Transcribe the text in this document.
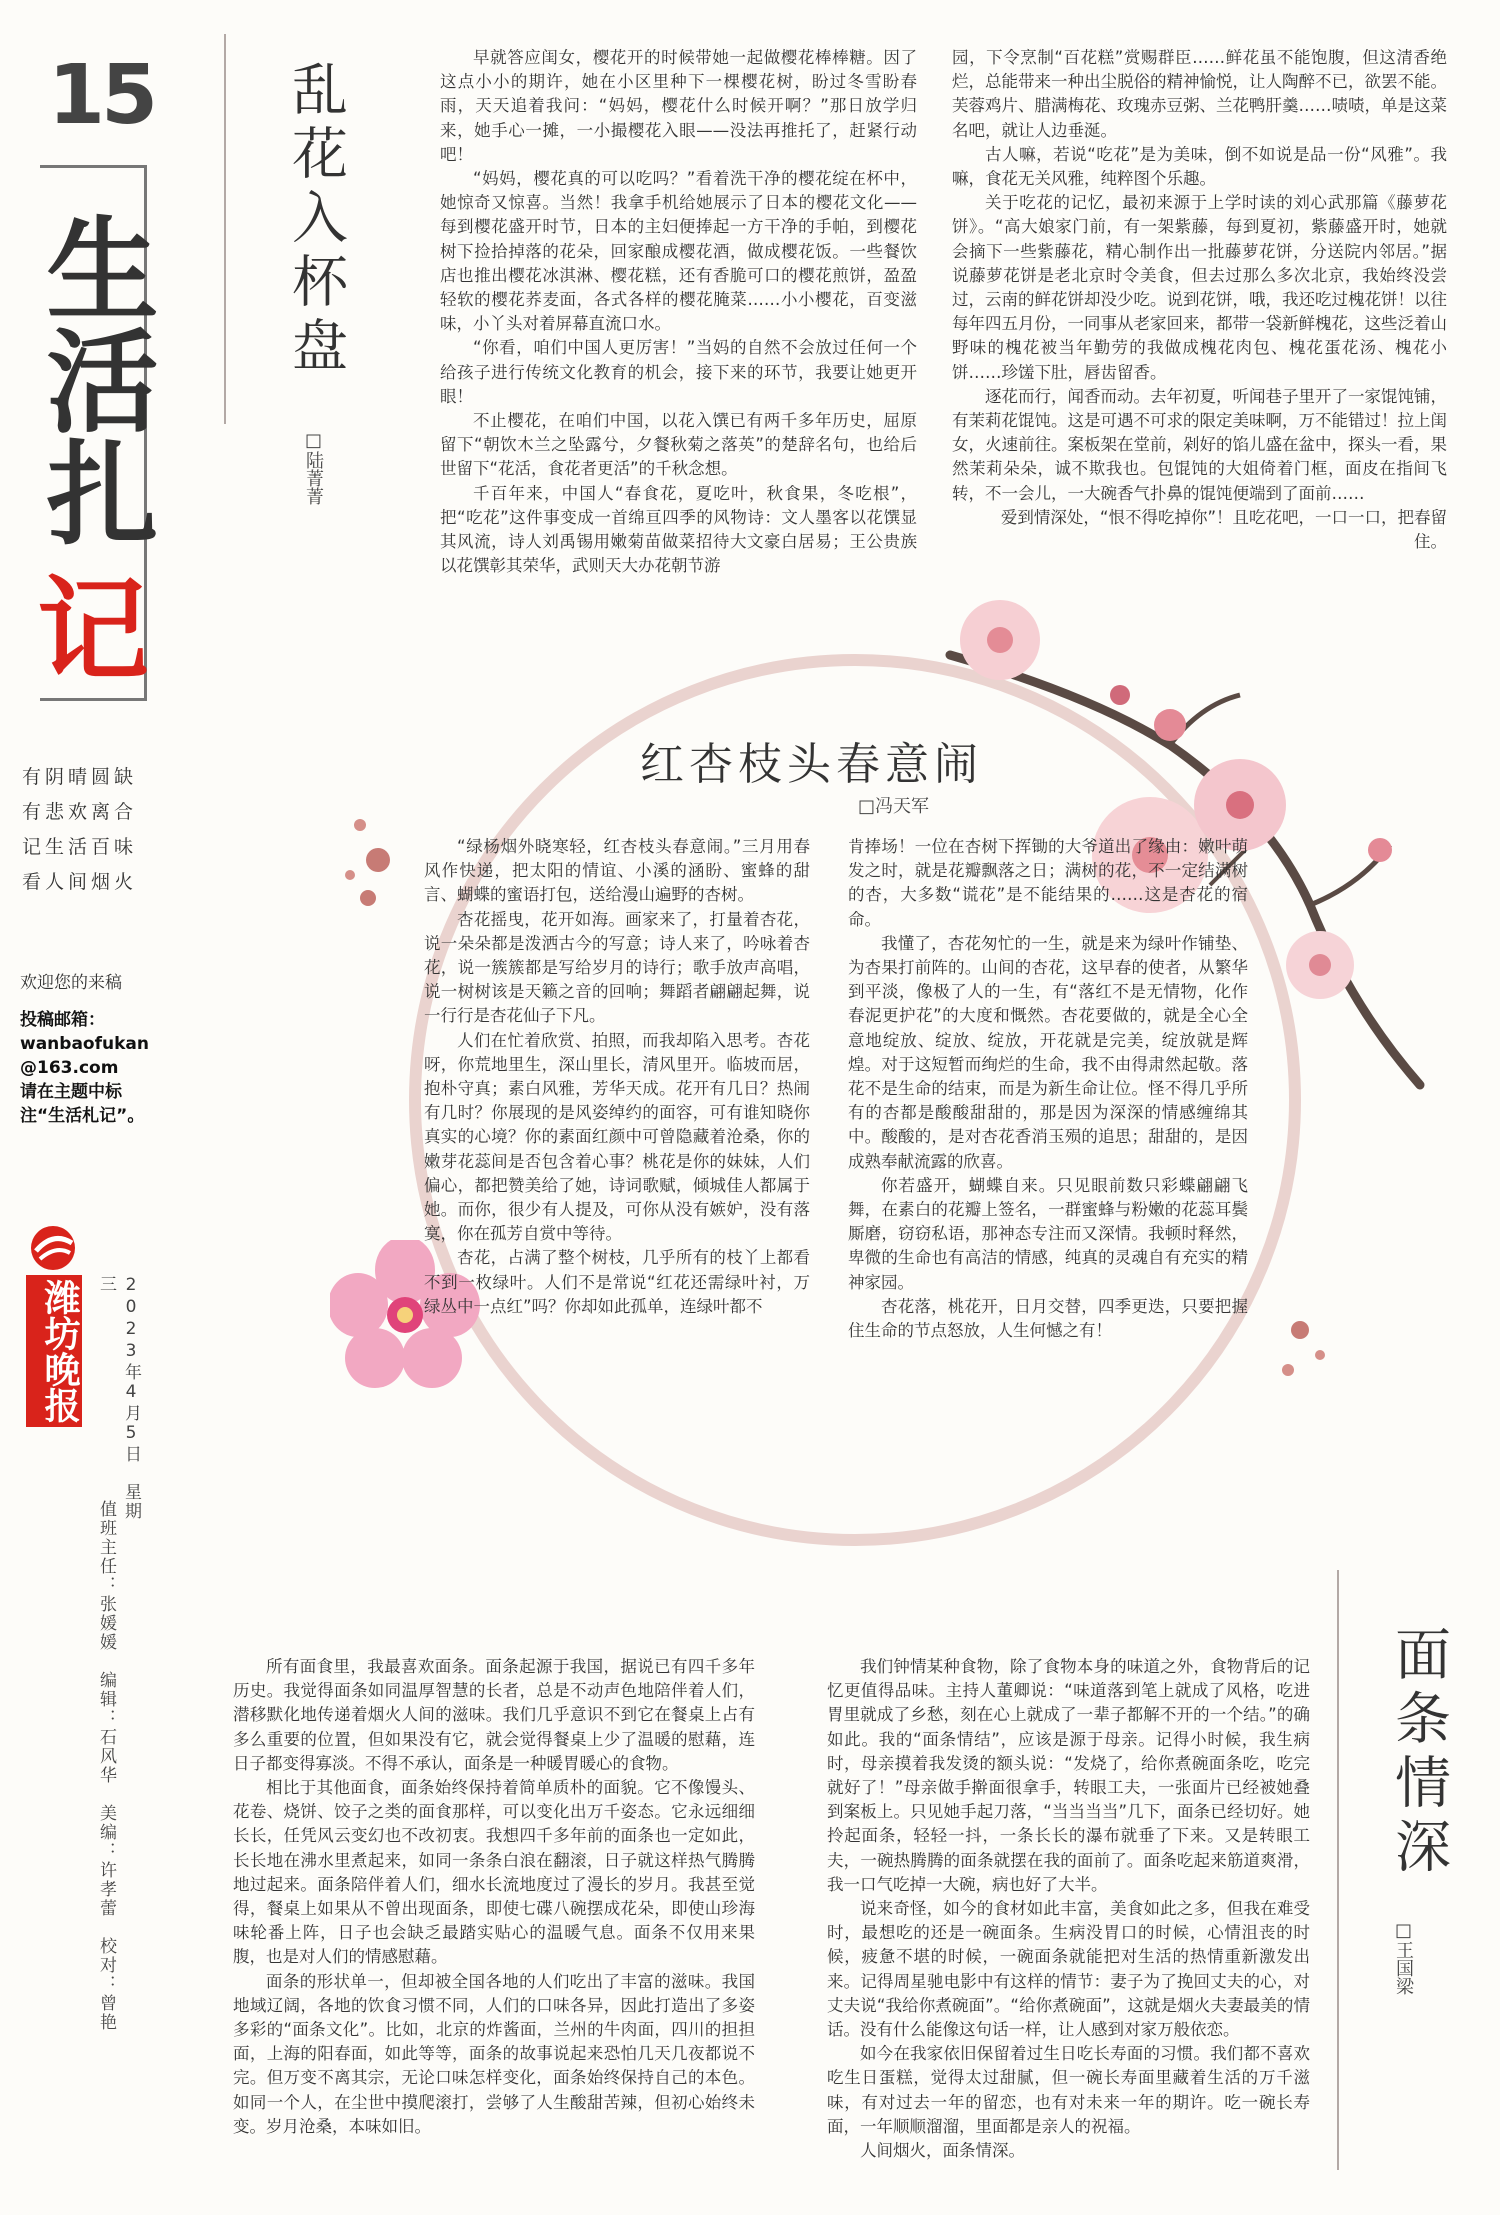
15
生活扎
记
有阴晴圆缺
有悲欢离合
记生活百味
看人间烟火
欢迎您的来稿
投稿邮箱：
wanbaofukan@163.com
请在主题中标注“生活札记”。
潍坊晚报	2023年4月5日　星期三
值班主任：张媛媛　编辑：石风华　美编：许孝蕾　校对：曾艳
乱花入杯盘
□陆菁菁

早就答应闺女，樱花开的时候带她一起做樱花棒棒糖。因了这点小小的期许，她在小区里种下一棵樱花树，盼过冬雪盼春雨，天天追着我问：“妈妈，樱花什么时候开啊？”那日放学归来，她手心一摊，一小撮樱花入眼——没法再推托了，赶紧行动吧！

“妈妈，樱花真的可以吃吗？”看着洗干净的樱花绽在杯中，她惊奇又惊喜。当然！我拿手机给她展示了日本的樱花文化——每到樱花盛开时节，日本的主妇便捧起一方干净的手帕，到樱花树下捡拾掉落的花朵，回家酿成樱花酒，做成樱花饭。一些餐饮店也推出樱花冰淇淋、樱花糕，还有香脆可口的樱花煎饼，盈盈轻软的樱花荞麦面，各式各样的樱花腌菜……小小樱花，百变滋味，小丫头对着屏幕直流口水。

“你看，咱们中国人更厉害！”当妈的自然不会放过任何一个给孩子进行传统文化教育的机会，接下来的环节，我要让她更开眼！

不止樱花，在咱们中国，以花入馔已有两千多年历史，屈原留下“朝饮木兰之坠露兮，夕餐秋菊之落英”的楚辞名句，也给后世留下“花活，食花者更活”的千秋念想。

千百年来，中国人“春食花，夏吃叶，秋食果，冬吃根”，把“吃花”这件事变成一首绵亘四季的风物诗：文人墨客以花馔显其风流，诗人刘禹锡用嫩菊苗做菜招待大文豪白居易；王公贵族以花馔彰其荣华，武则天大办花朝节游

园，下令烹制“百花糕”赏赐群臣……鲜花虽不能饱腹，但这清香绝烂，总能带来一种出尘脱俗的精神愉悦，让人陶醉不已，欲罢不能。芙蓉鸡片、腊满梅花、玫瑰赤豆粥、兰花鸭肝羹……啧啧，单是这菜名吧，就让人边垂涎。

古人嘛，若说“吃花”是为美味，倒不如说是品一份“风雅”。我嘛，食花无关风雅，纯粹图个乐趣。

关于吃花的记忆，最初来源于上学时读的刘心武那篇《藤萝花饼》。“高大娘家门前，有一架紫藤，每到夏初，紫藤盛开时，她就会摘下一些紫藤花，精心制作出一批藤萝花饼，分送院内邻居。”据说藤萝花饼是老北京时令美食，但去过那么多次北京，我始终没尝过，云南的鲜花饼却没少吃。说到花饼，哦，我还吃过槐花饼！以往每年四五月份，一同事从老家回来，都带一袋新鲜槐花，这些泛着山野味的槐花被当年勤劳的我做成槐花肉包、槐花蛋花汤、槐花小饼……珍馐下肚，唇齿留香。

逐花而行，闻香而动。去年初夏，听闻巷子里开了一家馄饨铺，有茉莉花馄饨。这是可遇不可求的限定美味啊，万不能错过！拉上闺女，火速前往。案板架在堂前，剁好的馅儿盛在盆中，探头一看，果然茉莉朵朵，诚不欺我也。包馄饨的大姐倚着门框，面皮在指间飞转，不一会儿，一大碗香气扑鼻的馄饨便端到了面前……

爱到情深处，“恨不得吃掉你”！且吃花吧，一口一口，把春留住。

红杏枝头春意闹
□冯天军

“绿杨烟外晓寒轻，红杏枝头春意闹。”三月用春风作快递，把太阳的情谊、小溪的涵盼、蜜蜂的甜言、蝴蝶的蜜语打包，送给漫山遍野的杏树。

杏花摇曳，花开如海。画家来了，打量着杏花，说一朵朵都是泼洒古今的写意；诗人来了，吟咏着杏花，说一簇簇都是写给岁月的诗行；歌手放声高唱，说一树树该是天籁之音的回响；舞蹈者翩翩起舞，说一行行是杏花仙子下凡。

人们在忙着欣赏、拍照，而我却陷入思考。杏花呀，你荒地里生，深山里长，清风里开。临坡而居，抱朴守真；素白风雅，芳华天成。花开有几日？热闹有几时？你展现的是风姿绰约的面容，可有谁知晓你真实的心境？你的素面红颜中可曾隐藏着沧桑，你的嫩芽花蕊间是否包含着心事？桃花是你的妹妹，人们偏心，都把赞美给了她，诗词歌赋，倾城佳人都属于她。而你，很少有人提及，可你从没有嫉妒，没有落寞，你在孤芳自赏中等待。

杏花，占满了整个树枝，几乎所有的枝丫上都看不到一枚绿叶。人们不是常说“红花还需绿叶衬，万绿丛中一点红”吗？你却如此孤单，连绿叶都不

肯捧场！一位在杏树下挥锄的大爷道出了缘由：嫩叶萌发之时，就是花瓣飘落之日；满树的花，不一定结满树的杏，大多数“谎花”是不能结果的……这是杏花的宿命。

我懂了，杏花匆忙的一生，就是来为绿叶作铺垫、为杏果打前阵的。山间的杏花，这早春的使者，从繁华到平淡，像极了人的一生，有“落红不是无情物，化作春泥更护花”的大度和慨然。杏花要做的，就是全心全意地绽放、绽放、绽放，开花就是完美，绽放就是辉煌。对于这短暂而绚烂的生命，我不由得肃然起敬。落花不是生命的结束，而是为新生命让位。怪不得几乎所有的杏都是酸酸甜甜的，那是因为深深的情感缠绵其中。酸酸的，是对杏花香消玉殒的追思；甜甜的，是因成熟奉献流露的欣喜。

你若盛开，蝴蝶自来。只见眼前数只彩蝶翩翩飞舞，在素白的花瓣上签名，一群蜜蜂与粉嫩的花蕊耳鬓厮磨，窃窃私语，那神态专注而又深情。我顿时释然，卑微的生命也有高洁的情感，纯真的灵魂自有充实的精神家园。

杏花落，桃花开，日月交替，四季更迭，只要把握住生命的节点怒放，人生何憾之有！

面条情深
□王国梁

所有面食里，我最喜欢面条。面条起源于我国，据说已有四千多年历史。我觉得面条如同温厚智慧的长者，总是不动声色地陪伴着人们，潜移默化地传递着烟火人间的滋味。我们几乎意识不到它在餐桌上占有多么重要的位置，但如果没有它，就会觉得餐桌上少了温暖的慰藉，连日子都变得寡淡。不得不承认，面条是一种暖胃暖心的食物。

相比于其他面食，面条始终保持着简单质朴的面貌。它不像馒头、花卷、烧饼、饺子之类的面食那样，可以变化出万千姿态。它永远细细长长，任凭风云变幻也不改初衷。我想四千多年前的面条也一定如此，长长地在沸水里煮起来，如同一条条白浪在翻滚，日子就这样热气腾腾地过起来。面条陪伴着人们，细水长流地度过了漫长的岁月。我甚至觉得，餐桌上如果从不曾出现面条，即使七碟八碗摆成花朵，即使山珍海味轮番上阵，日子也会缺乏最踏实贴心的温暖气息。面条不仅用来果腹，也是对人们的情感慰藉。

面条的形状单一，但却被全国各地的人们吃出了丰富的滋味。我国地域辽阔，各地的饮食习惯不同，人们的口味各异，因此打造出了多姿多彩的“面条文化”。比如，北京的炸酱面，兰州的牛肉面，四川的担担面，上海的阳春面，如此等等，面条的故事说起来恐怕几天几夜都说不完。但万变不离其宗，无论口味怎样变化，面条始终保持自己的本色。如同一个人，在尘世中摸爬滚打，尝够了人生酸甜苦辣，但初心始终未变。岁月沧桑，本味如旧。

我们钟情某种食物，除了食物本身的味道之外，食物背后的记忆更值得品味。主持人董卿说：“味道落到笔上就成了风格，吃进胃里就成了乡愁，刻在心上就成了一辈子都解不开的一个结。”的确如此。我的“面条情结”，应该是源于母亲。记得小时候，我生病时，母亲摸着我发烫的额头说：“发烧了，给你煮碗面条吃，吃完就好了！”母亲做手擀面很拿手，转眼工夫，一张面片已经被她叠到案板上。只见她手起刀落，“当当当当”几下，面条已经切好。她拎起面条，轻轻一抖，一条长长的瀑布就垂了下来。又是转眼工夫，一碗热腾腾的面条就摆在我的面前了。面条吃起来筋道爽滑，我一口气吃掉一大碗，病也好了大半。

说来奇怪，如今的食材如此丰富，美食如此之多，但我在难受时，最想吃的还是一碗面条。生病没胃口的时候，心情沮丧的时候，疲惫不堪的时候，一碗面条就能把对生活的热情重新激发出来。记得周星驰电影中有这样的情节：妻子为了挽回丈夫的心，对丈夫说“我给你煮碗面”。“给你煮碗面”，这就是烟火夫妻最美的情话。没有什么能像这句话一样，让人感到对家万般依恋。

如今在我家依旧保留着过生日吃长寿面的习惯。我们都不喜欢吃生日蛋糕，觉得太过甜腻，但一碗长寿面里藏着生活的万千滋味，有对过去一年的留恋，也有对未来一年的期许。吃一碗长寿面，一年顺顺溜溜，里面都是亲人的祝福。

人间烟火，面条情深。
